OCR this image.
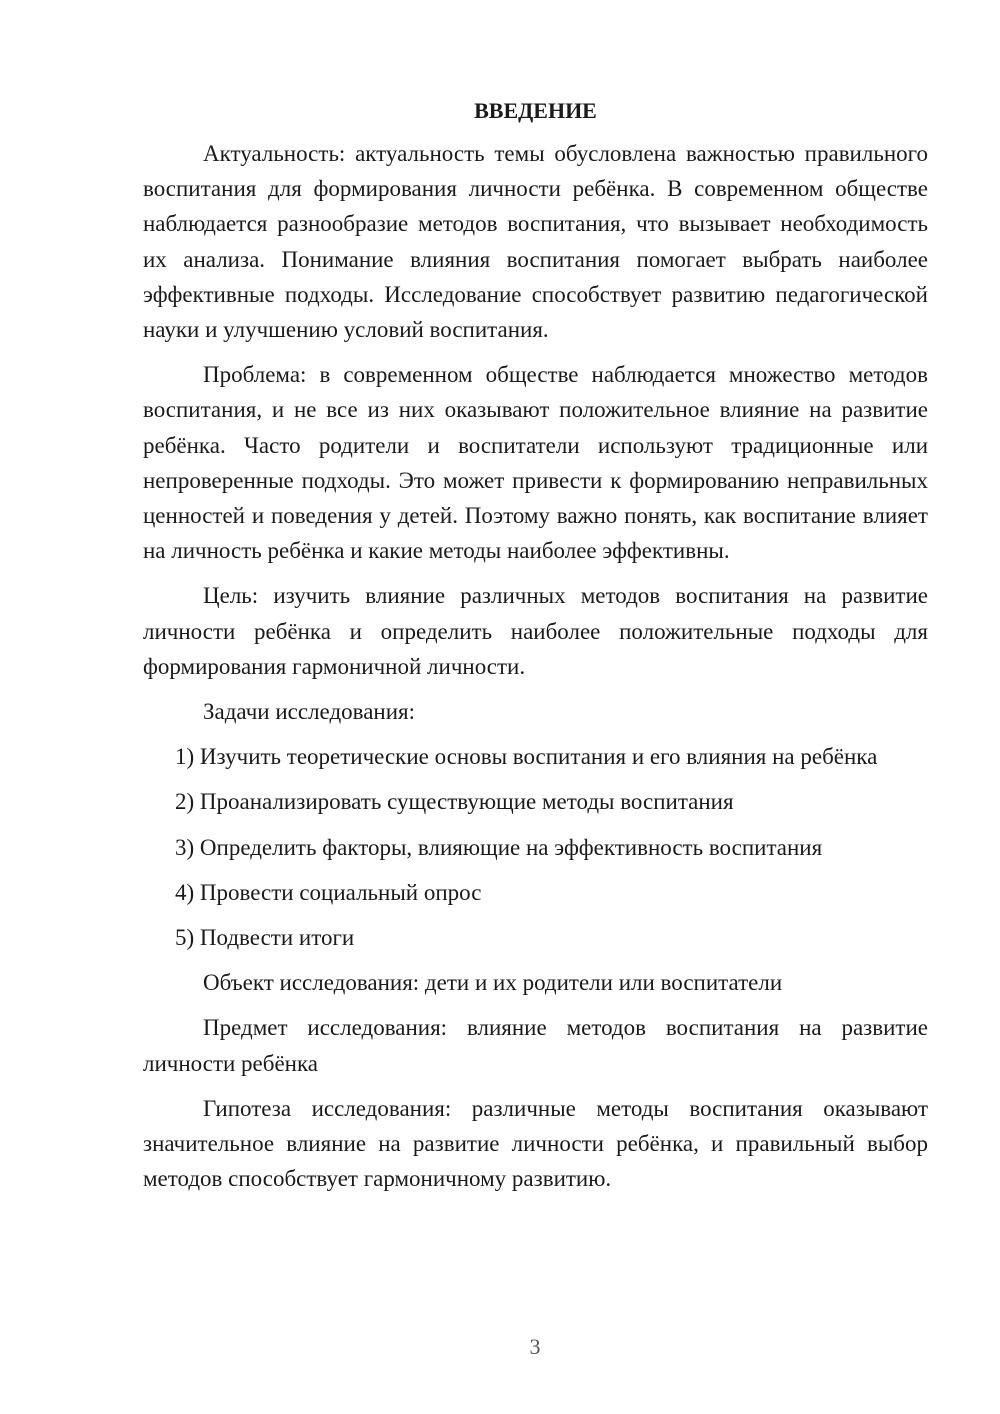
ВВЕДЕНИЕ

Актуальность: актуальность темы обусловлена важностью правильного воспитания для формирования личности ребёнка. В современном обществе наблюдается разнообразие методов воспитания, что вызывает необходимость их анализа. Понимание влияния воспитания помогает выбрать наиболее эффективные подходы. Исследование способствует развитию педагогической науки и улучшению условий воспитания.

Проблема: в современном обществе наблюдается множество методов воспитания, и не все из них оказывают положительное влияние на развитие ребёнка. Часто родители и воспитатели используют традиционные или непроверенные подходы. Это может привести к формированию неправильных ценностей и поведения у детей. Поэтому важно понять, как воспитание влияет на личность ребёнка и какие методы наиболее эффективны.

Цель: изучить влияние различных методов воспитания на развитие личности ребёнка и определить наиболее положительные подходы для формирования гармоничной личности.

Задачи исследования:

1) Изучить теоретические основы воспитания и его влияния на ребёнка

2) Проанализировать существующие методы воспитания

3) Определить факторы, влияющие на эффективность воспитания

4) Провести социальный опрос

5) Подвести итоги

Объект исследования: дети и их родители или воспитатели

Предмет исследования: влияние методов воспитания на развитие личности ребёнка

Гипотеза исследования: различные методы воспитания оказывают значительное влияние на развитие личности ребёнка, и правильный выбор методов способствует гармоничному развитию.

3
